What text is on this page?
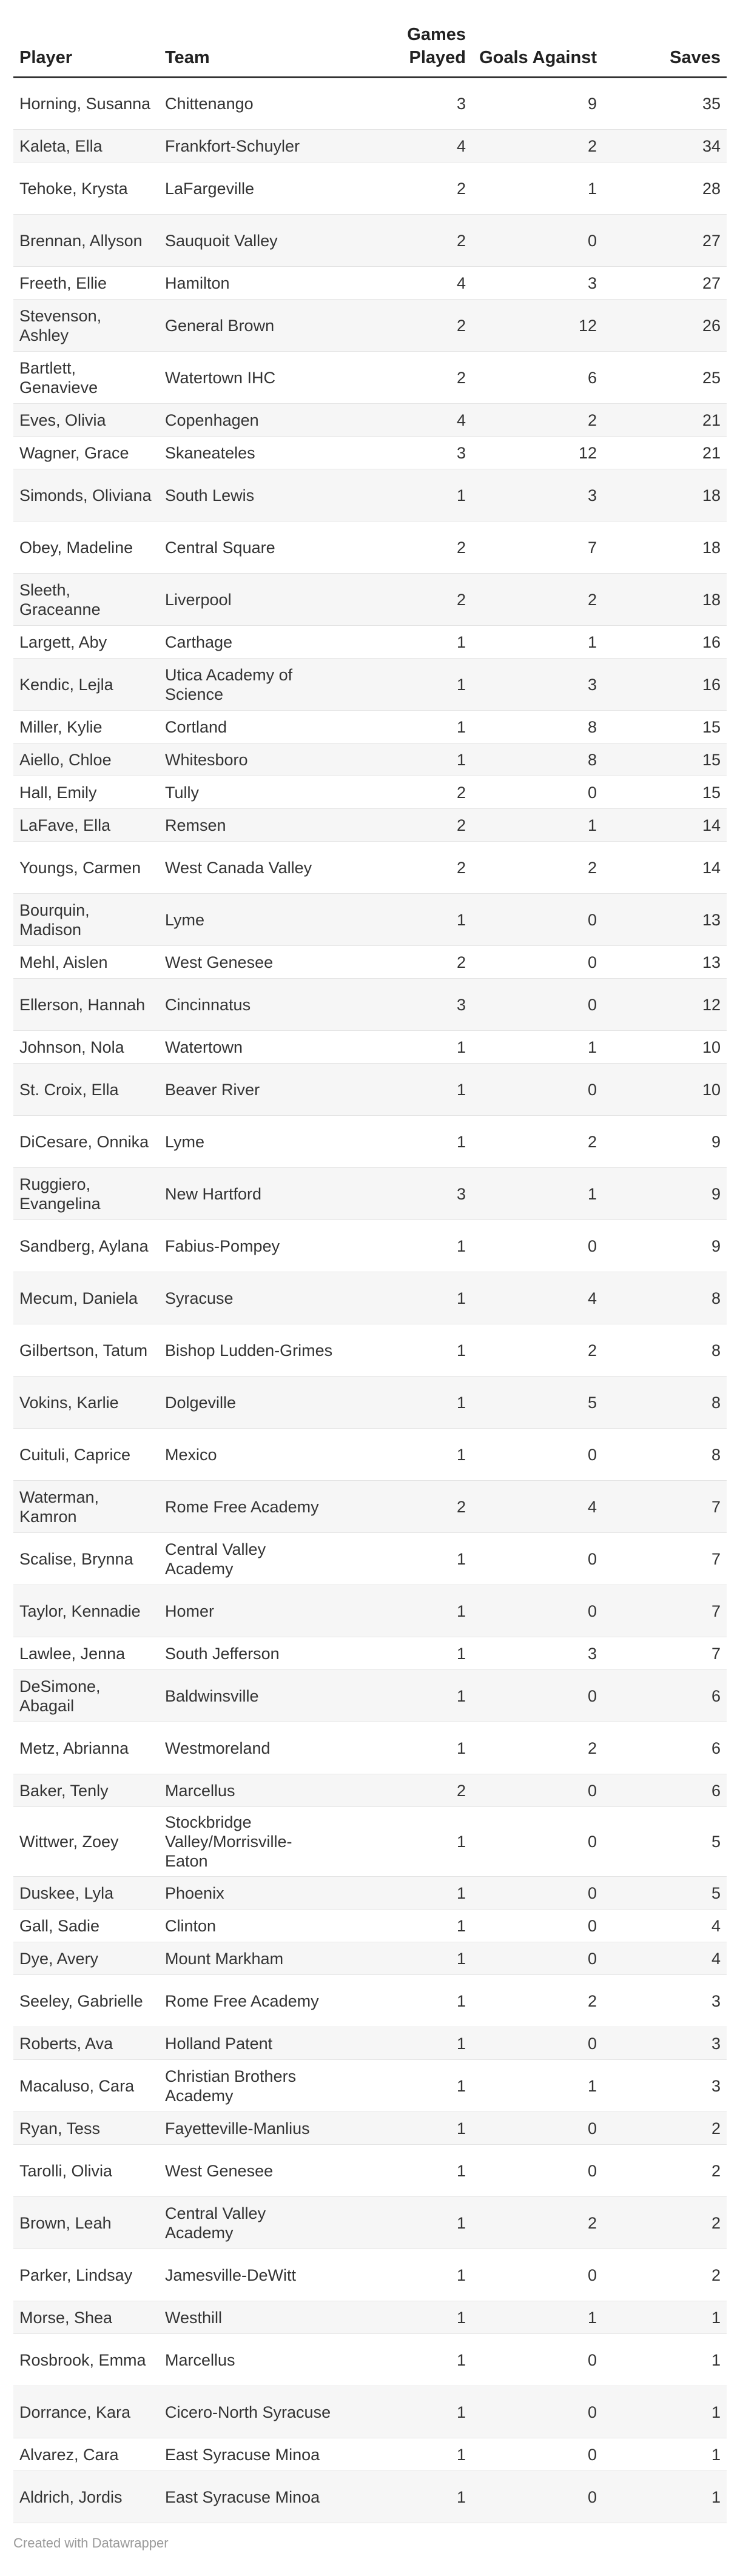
Player	Team	Games Played	Goals Against	Saves
Horning, Susanna	Chittenango	3	9	35
Kaleta, Ella	Frankfort-Schuyler	4	2	34
Tehoke, Krysta	LaFargeville	2	1	28
Brennan, Allyson	Sauquoit Valley	2	0	27
Freeth, Ellie	Hamilton	4	3	27
Stevenson, Ashley	General Brown	2	12	26
Bartlett, Genavieve	Watertown IHC	2	6	25
Eves, Olivia	Copenhagen	4	2	21
Wagner, Grace	Skaneateles	3	12	21
Simonds, Oliviana	South Lewis	1	3	18
Obey, Madeline	Central Square	2	7	18
Sleeth, Graceanne	Liverpool	2	2	18
Largett, Aby	Carthage	1	1	16
Kendic, Lejla	Utica Academy of Science	1	3	16
Miller, Kylie	Cortland	1	8	15
Aiello, Chloe	Whitesboro	1	8	15
Hall, Emily	Tully	2	0	15
LaFave, Ella	Remsen	2	1	14
Youngs, Carmen	West Canada Valley	2	2	14
Bourquin, Madison	Lyme	1	0	13
Mehl, Aislen	West Genesee	2	0	13
Ellerson, Hannah	Cincinnatus	3	0	12
Johnson, Nola	Watertown	1	1	10
St. Croix, Ella	Beaver River	1	0	10
DiCesare, Onnika	Lyme	1	2	9
Ruggiero, Evangelina	New Hartford	3	1	9
Sandberg, Aylana	Fabius-Pompey	1	0	9
Mecum, Daniela	Syracuse	1	4	8
Gilbertson, Tatum	Bishop Ludden-Grimes	1	2	8
Vokins, Karlie	Dolgeville	1	5	8
Cuituli, Caprice	Mexico	1	0	8
Waterman, Kamron	Rome Free Academy	2	4	7
Scalise, Brynna	Central Valley Academy	1	0	7
Taylor, Kennadie	Homer	1	0	7
Lawlee, Jenna	South Jefferson	1	3	7
DeSimone, Abagail	Baldwinsville	1	0	6
Metz, Abrianna	Westmoreland	1	2	6
Baker, Tenly	Marcellus	2	0	6
Wittwer, Zoey	Stockbridge Valley/Morrisville-Eaton	1	0	5
Duskee, Lyla	Phoenix	1	0	5
Gall, Sadie	Clinton	1	0	4
Dye, Avery	Mount Markham	1	0	4
Seeley, Gabrielle	Rome Free Academy	1	2	3
Roberts, Ava	Holland Patent	1	0	3
Macaluso, Cara	Christian Brothers Academy	1	1	3
Ryan, Tess	Fayetteville-Manlius	1	0	2
Tarolli, Olivia	West Genesee	1	0	2
Brown, Leah	Central Valley Academy	1	2	2
Parker, Lindsay	Jamesville-DeWitt	1	0	2
Morse, Shea	Westhill	1	1	1
Rosbrook, Emma	Marcellus	1	0	1
Dorrance, Kara	Cicero-North Syracuse	1	0	1
Alvarez, Cara	East Syracuse Minoa	1	0	1
Aldrich, Jordis	East Syracuse Minoa	1	0	1
Created with Datawrapper
